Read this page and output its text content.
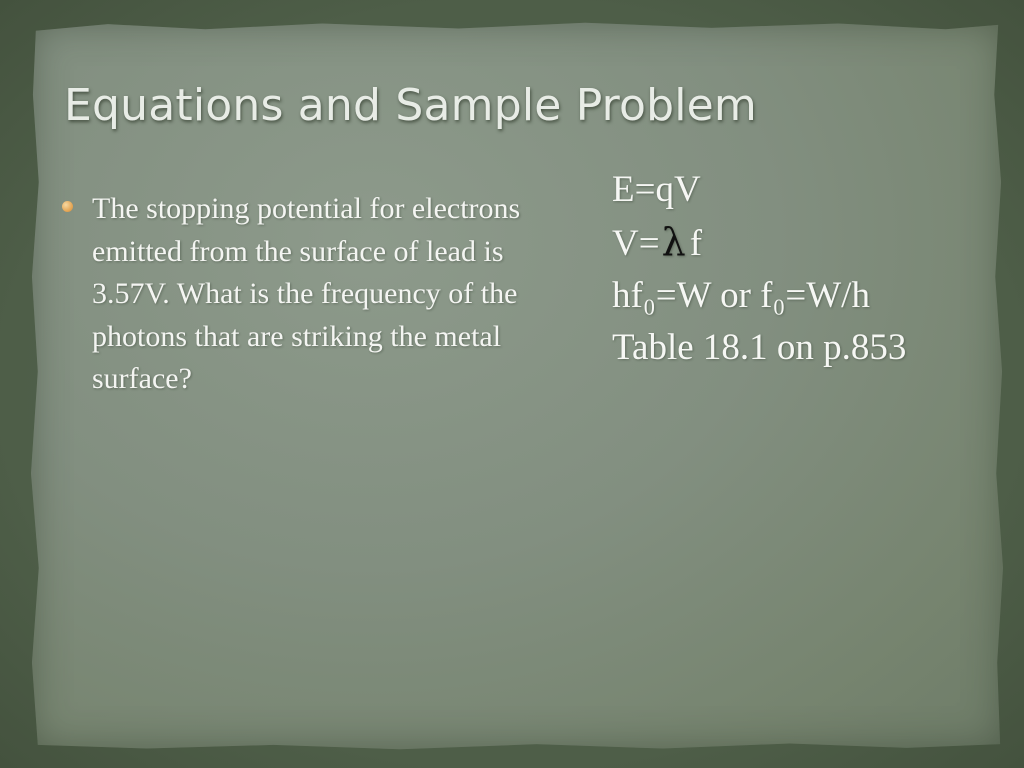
Equations and Sample Problem
The stopping potential for electrons emitted from the surface of lead is 3.57V. What is the frequency of the photons that are striking the metal surface?
E=qV
V=λ f
hf₀=W or f₀=W/h
Table 18.1 on p.853
